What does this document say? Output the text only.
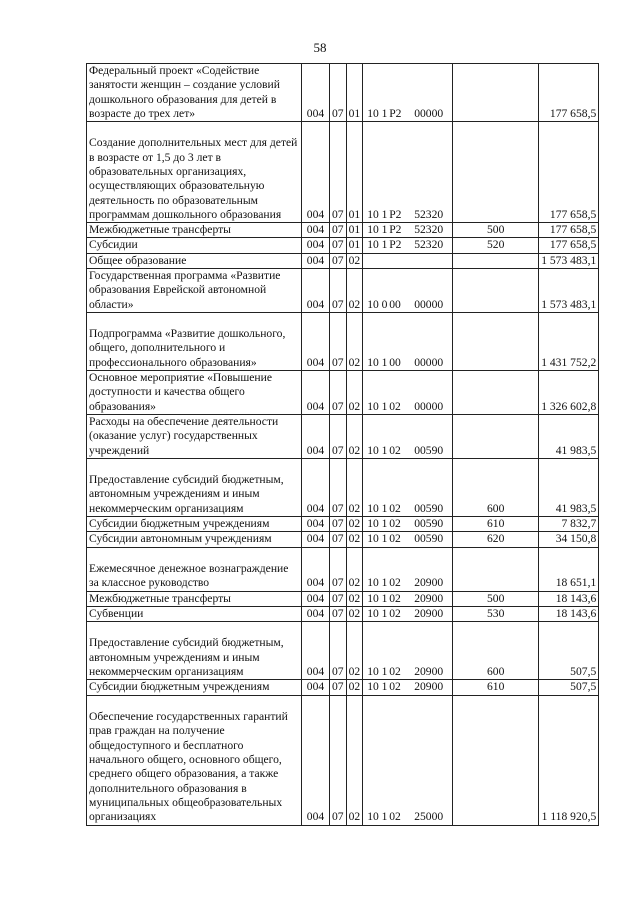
58
Федеральный проект «Содействие занятости женщин – создание условий дошкольного образования для детей в возрасте до трех лет»	004	07	01	10 1 P2 00000		177 658,5
Создание дополнительных мест для детей в возрасте от 1,5 до 3 лет в образовательных организациях, осуществляющих образовательную деятельность по образовательным программам дошкольного образования	004	07	01	10 1 P2 52320		177 658,5
Межбюджетные трансферты	004	07	01	10 1 P2 52320	500	177 658,5
Субсидии	004	07	01	10 1 P2 52320	520	177 658,5
Общее образование	004	07	02			1 573 483,1
Государственная программа «Развитие образования Еврейской автономной области»	004	07	02	10 0 00 00000		1 573 483,1
Подпрограмма «Развитие дошкольного, общего, дополнительного и профессионального образования»	004	07	02	10 1 00 00000		1 431 752,2
Основное мероприятие «Повышение доступности и качества общего образования»	004	07	02	10 1 02 00000		1 326 602,8
Расходы на обеспечение деятельности (оказание услуг) государственных учреждений	004	07	02	10 1 02 00590		41 983,5
Предоставление субсидий бюджетным, автономным учреждениям и иным некоммерческим организациям	004	07	02	10 1 02 00590	600	41 983,5
Субсидии бюджетным учреждениям	004	07	02	10 1 02 00590	610	7 832,7
Субсидии автономным учреждениям	004	07	02	10 1 02 00590	620	34 150,8
Ежемесячное денежное вознаграждение за классное руководство	004	07	02	10 1 02 20900		18 651,1
Межбюджетные трансферты	004	07	02	10 1 02 20900	500	18 143,6
Субвенции	004	07	02	10 1 02 20900	530	18 143,6
Предоставление субсидий бюджетным, автономным учреждениям и иным некоммерческим организациям	004	07	02	10 1 02 20900	600	507,5
Субсидии бюджетным учреждениям	004	07	02	10 1 02 20900	610	507,5
Обеспечение государственных гарантий прав граждан на получение общедоступного и бесплатного начального общего, основного общего, среднего общего образования, а также дополнительного образования в муниципальных общеобразовательных организациях	004	07	02	10 1 02 25000		1 118 920,5
